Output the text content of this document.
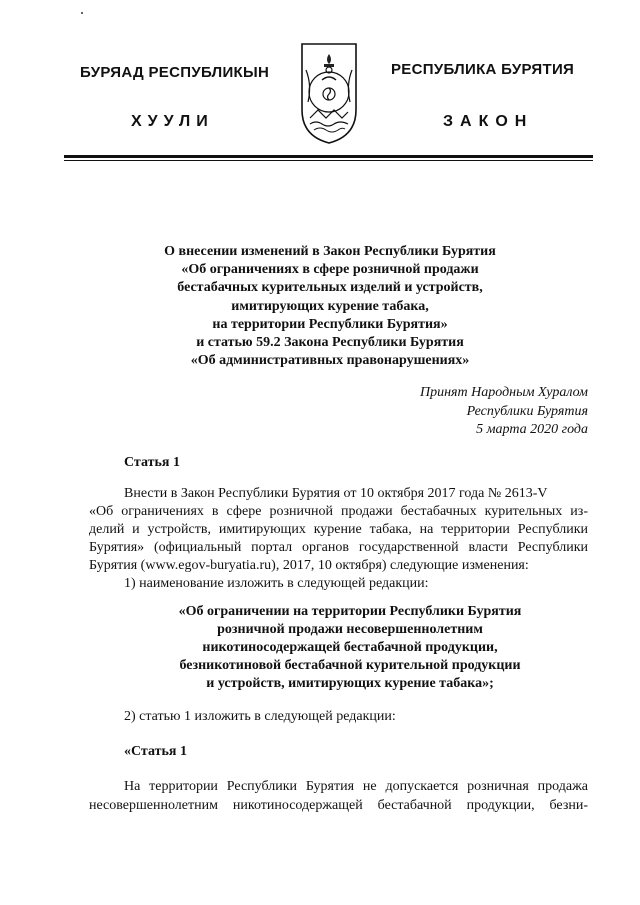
БУРЯАД РЕСПУБЛИКЫН
ХУУЛИ
РЕСПУБЛИКА БУРЯТИЯ
ЗАКОН
О внесении изменений в Закон Республики Бурятия
«Об ограничениях в сфере розничной продажи
бестабачных курительных изделий и устройств,
имитирующих курение табака,
на территории Республики Бурятия»
и статью 59.2 Закона Республики Бурятия
«Об административных правонарушениях»
Принят Народным Хуралом
Республики Бурятия
5 марта 2020 года
Статья 1
Внести в Закон Республики Бурятия от 10 октября 2017 года № 2613-V
«Об ограничениях в сфере розничной продажи бестабачных курительных из-
делий и устройств, имитирующих курение табака, на территории Республики
Бурятия» (официальный портал органов государственной власти Республики
Бурятия (www.egov-buryatia.ru), 2017, 10 октября) следующие изменения:
1) наименование изложить в следующей редакции:
«Об ограничении на территории Республики Бурятия
розничной продажи несовершеннолетним
никотиносодержащей бестабачной продукции,
безникотиновой бестабачной курительной продукции
и устройств, имитирующих курение табака»;
2) статью 1 изложить в следующей редакции:
«Статья 1
На территории Республики Бурятия не допускается розничная продажа
несовершеннолетним никотиносодержащей бестабачной продукции, безни-
